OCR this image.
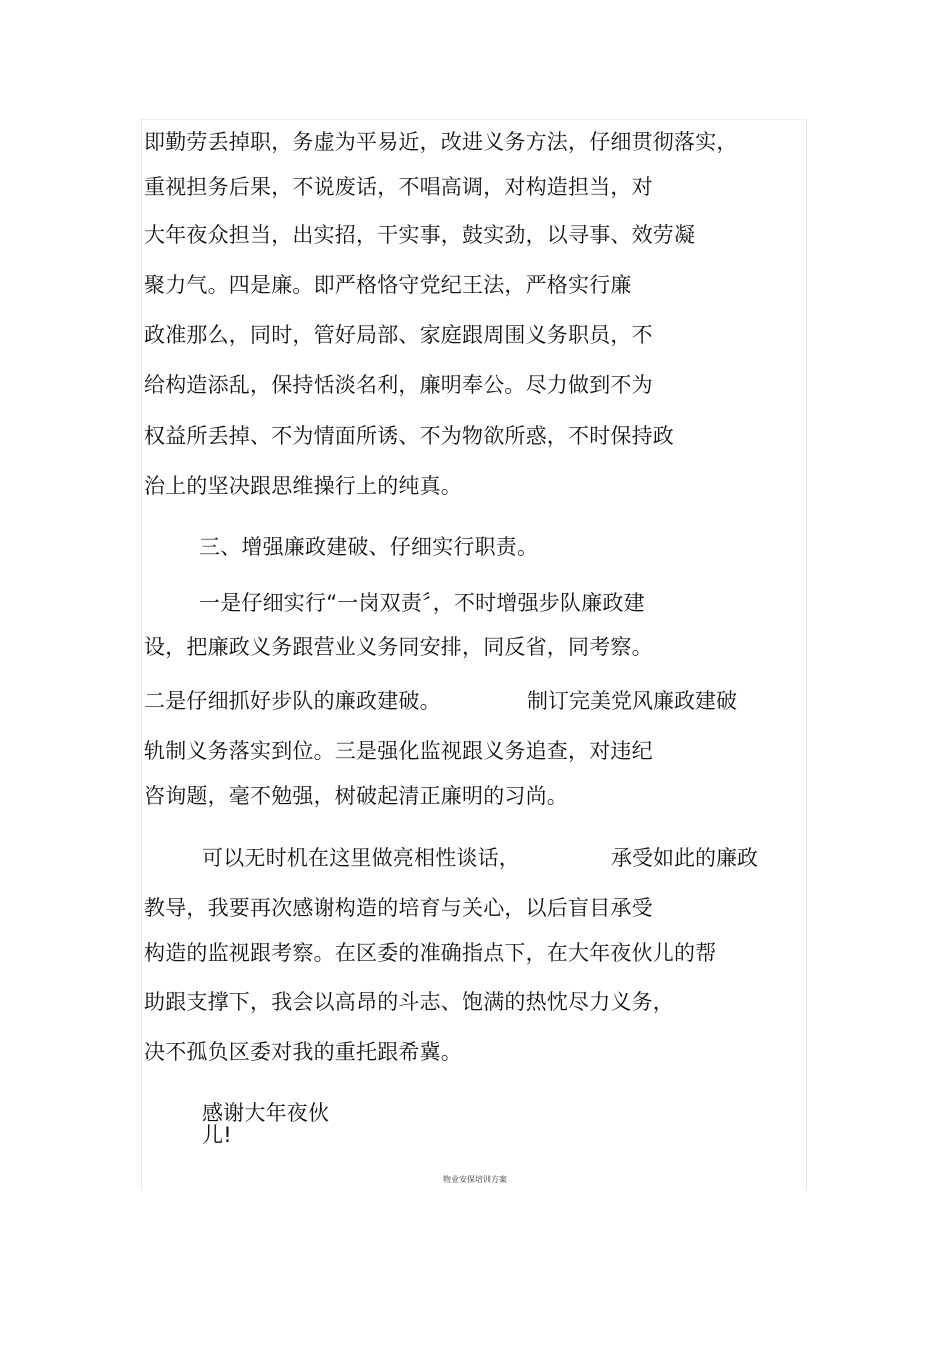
即勤劳丢掉职，务虚为平易近，改进义务方法，仔细贯彻落实，
重视担务后果，不说废话，不唱高调，对构造担当，对
大年夜众担当，出实招，干实事，鼓实劲，以寻事、效劳凝
聚力气。四是廉。即严格恪守党纪王法，严格实行廉
政准那么，同时，管好局部、家庭跟周围义务职员，不
给构造添乱，保持恬淡名利，廉明奉公。尽力做到不为
权益所丢掉、不为情面所诱、不为物欲所惑，不时保持政
治上的坚决跟思维操行上的纯真。
三、增强廉政建破、仔细实行职责。
一是仔细实行“一岗双责〞，不时增强步队廉政建
设，把廉政义务跟营业义务同安排，同反省，同考察。
二是仔细抓好步队的廉政建破。	制订完美党风廉政建破
轨制义务落实到位。三是强化监视跟义务追查，对违纪
咨询题，毫不勉强，树破起清正廉明的习尚。
可以无时机在这里做亮相性谈话，	承受如此的廉政
教导，我要再次感谢构造的培育与关心，以后盲目承受
构造的监视跟考察。在区委的准确指点下，在大年夜伙儿的帮
助跟支撑下，我会以高昂的斗志、饱满的热忱尽力义务，
决不孤负区委对我的重托跟希冀。
感谢大年夜伙
儿!
物业安保培训方案
